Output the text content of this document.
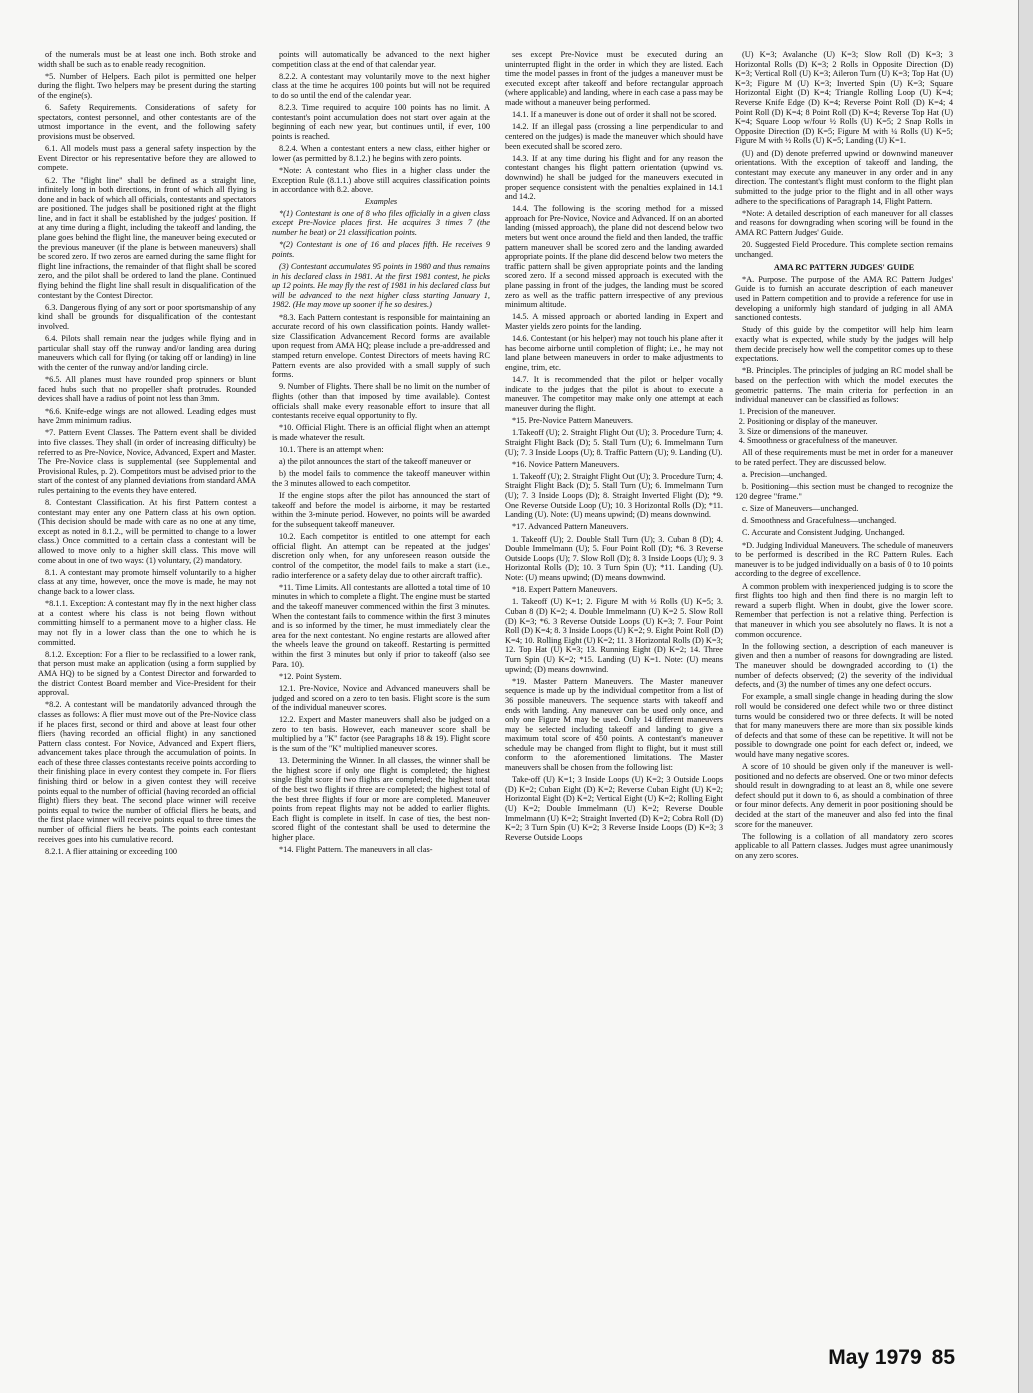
of the numerals must be at least one inch. Both stroke and width shall be such as to enable ready recognition.

*5. Number of Helpers. Each pilot is permitted one helper during the flight. Two helpers may be present during the starting of the engine(s).

6. Safety Requirements. Considerations of safety for spectators, contest personnel, and other contestants are of the utmost importance in the event, and the following safety provisions must be observed.

6.1. All models must pass a general safety inspection by the Event Director or his representative before they are allowed to compete.

6.2. The "flight line" shall be defined as a straight line, infinitely long in both directions, in front of which all flying is done and in back of which all officials, contestants and spectators are positioned. The judges shall be positioned right at the flight line, and in fact it shall be established by the judges' position. If at any time during a flight, including the takeoff and landing, the plane goes behind the flight line, the maneuver being executed or the previous maneuver (if the plane is between maneuvers) shall be scored zero. If two zeros are earned during the same flight for flight line infractions, the remainder of that flight shall be scored zero, and the pilot shall be ordered to land the plane. Continued flying behind the flight line shall result in disqualification of the contestant by the Contest Director.

6.3. Dangerous flying of any sort or poor sportsmanship of any kind shall be grounds for disqualification of the contestant involved.

6.4. Pilots shall remain near the judges while flying and in particular shall stay off the runway and/or landing area during maneuvers which call for flying (or taking off or landing) in line with the center of the runway and/or landing circle.

*6.5. All planes must have rounded prop spinners or blunt faced hubs such that no propeller shaft protrudes. Rounded devices shall have a radius of point not less than 3mm.

*6.6. Knife-edge wings are not allowed. Leading edges must have 2mm minimum radius.

*7. Pattern Event Classes. The Pattern event shall be divided into five classes. They shall (in order of increasing difficulty) be referred to as Pre-Novice, Novice, Advanced, Expert and Master. The Pre-Novice class is supplemental (see Supplemental and Provisional Rules, p. 2). Competitors must be advised prior to the start of the contest of any planned deviations from standard AMA rules pertaining to the events they have entered.

8. Contestant Classification. At his first Pattern contest a contestant may enter any one Pattern class at his own option. (This decision should be made with care as no one at any time, except as noted in 8.1.2., will be permitted to change to a lower class.) Once committed to a certain class a contestant will be allowed to move only to a higher skill class. This move will come about in one of two ways: (1) voluntary, (2) mandatory.

8.1. A contestant may promote himself voluntarily to a higher class at any time, however, once the move is made, he may not change back to a lower class.

*8.1.1. Exception: A contestant may fly in the next higher class at a contest where his class is not being flown without committing himself to a permanent move to a higher class. He may not fly in a lower class than the one to which he is committed.

8.1.2. Exception: For a flier to be reclassified to a lower rank, that person must make an application (using a form supplied by AMA HQ) to be signed by a Contest Director and forwarded to the district Contest Board member and Vice-President for their approval.

*8.2. A contestant will be mandatorily advanced through the classes as follows: A flier must move out of the Pre-Novice class if he places first, second or third and above at least four other fliers (having recorded an official flight) in any sanctioned Pattern class contest. For Novice, Advanced and Expert fliers, advancement takes place through the accumulation of points. In each of these three classes contestants receive points according to their finishing place in every contest they compete in. For fliers finishing third or below in a given contest they will receive points equal to the number of official (having recorded an official flight) fliers they beat. The second place winner will receive points equal to twice the number of official fliers he beats, and the first place winner will receive points equal to three times the number of official fliers he beats. The points each contestant receives goes into his cumulative record.

8.2.1. A flier attaining or exceeding 100

points will automatically be advanced to the next higher competition class at the end of that calendar year.

8.2.2. A contestant may voluntarily move to the next higher class at the time he acquires 100 points but will not be required to do so until the end of the calendar year.

8.2.3. Time required to acquire 100 points has no limit. A contestant's point accumulation does not start over again at the beginning of each new year, but continues until, if ever, 100 points is reached.

8.2.4. When a contestant enters a new class, either higher or lower (as permitted by 8.1.2.) he begins with zero points.

*Note: A contestant who flies in a higher class under the Exception Rule (8.1.1.) above still acquires classification points in accordance with 8.2. above.

Examples

*(1) Contestant is one of 8 who files officially in a given class except Pre-Novice places first. He acquires 3 times 7 (the number he beat) or 21 classification points.

*(2) Contestant is one of 16 and places fifth. He receives 9 points.

(3) Contestant accumulates 95 points in 1980 and thus remains in his declared class in 1981. At the first 1981 contest, he picks up 12 points. He may fly the rest of 1981 in his declared class but will be advanced to the next higher class starting January 1, 1982. (He may move up sooner if he so desires.)

*8.3. Each Pattern contestant is responsible for maintaining an accurate record of his own classification points. Handy wallet-size Classification Advancement Record forms are available upon request from AMA HQ; please include a pre-addressed and stamped return envelope. Contest Directors of meets having RC Pattern events are also provided with a small supply of such forms.

9. Number of Flights. There shall be no limit on the number of flights (other than that imposed by time available). Contest officials shall make every reasonable effort to insure that all contestants receive equal opportunity to fly.

*10. Official Flight. There is an official flight when an attempt is made whatever the result.

10.1. There is an attempt when:

a) the pilot announces the start of the takeoff maneuver or

b) the model fails to commence the takeoff maneuver within the 3 minutes allowed to each competitor.

If the engine stops after the pilot has announced the start of takeoff and before the model is airborne, it may be restarted within the 3-minute period. However, no points will be awarded for the subsequent takeoff maneuver.

10.2. Each competitor is entitled to one attempt for each official flight. An attempt can be repeated at the judges' discretion only when, for any unforeseen reason outside the control of the competitor, the model fails to make a start (i.e., radio interference or a safety delay due to other aircraft traffic).

*11. Time Limits. All contestants are allotted a total time of 10 minutes in which to complete a flight. The engine must be started and the takeoff maneuver commenced within the first 3 minutes. When the contestant fails to commence within the first 3 minutes and is so informed by the timer, he must immediately clear the area for the next contestant. No engine restarts are allowed after the wheels leave the ground on takeoff. Restarting is permitted within the first 3 minutes but only if prior to takeoff (also see Para. 10).

*12. Point System.

12.1. Pre-Novice, Novice and Advanced maneuvers shall be judged and scored on a zero to ten basis. Flight score is the sum of the individual maneuver scores.

12.2. Expert and Master maneuvers shall also be judged on a zero to ten basis. However, each maneuver score shall be multiplied by a "K" factor (see Paragraphs 18 & 19). Flight score is the sum of the "K" multiplied maneuver scores.

13. Determining the Winner. In all classes, the winner shall be the highest score if only one flight is completed; the highest single flight score if two flights are completed; the highest total of the best two flights if three are completed; the highest total of the best three flights if four or more are completed. Maneuver points from repeat flights may not be added to earlier flights. Each flight is complete in itself. In case of ties, the best non-scored flight of the contestant shall be used to determine the higher place.

*14. Flight Pattern. The maneuvers in all clas-

ses except Pre-Novice must be executed during an uninterrupted flight in the order in which they are listed. Each time the model passes in front of the judges a maneuver must be executed except after takeoff and before rectangular approach (where applicable) and landing, where in each case a pass may be made without a maneuver being performed.

14.1. If a maneuver is done out of order it shall not be scored.

14.2. If an illegal pass (crossing a line perpendicular to and centered on the judges) is made the maneuver which should have been executed shall be scored zero.

14.3. If at any time during his flight and for any reason the contestant changes his flight pattern orientation (upwind vs. downwind) he shall be judged for the maneuvers executed in proper sequence consistent with the penalties explained in 14.1 and 14.2.

14.4. The following is the scoring method for a missed approach for Pre-Novice, Novice and Advanced. If on an aborted landing (missed approach), the plane did not descend below two meters but went once around the field and then landed, the traffic pattern maneuver shall be scored zero and the landing awarded appropriate points. If the plane did descend below two meters the traffic pattern shall be given appropriate points and the landing scored zero. If a second missed approach is executed with the plane passing in front of the judges, the landing must be scored zero as well as the traffic pattern irrespective of any previous minimum altitude.

14.5. A missed approach or aborted landing in Expert and Master yields zero points for the landing.

14.6. Contestant (or his helper) may not touch his plane after it has become airborne until completion of flight; i.e., he may not land plane between maneuvers in order to make adjustments to engine, trim, etc.

14.7. It is recommended that the pilot or helper vocally indicate to the judges that the pilot is about to execute a maneuver. The competitor may make only one attempt at each maneuver during the flight.

*15. Pre-Novice Pattern Maneuvers.

1.Takeoff (U); 2. Straight Flight Out (U); 3. Procedure Turn; 4. Straight Flight Back (D); 5. Stall Turn (U); 6. Immelmann Turn (U); 7. 3 Inside Loops (U); 8. Traffic Pattern (U); 9. Landing (U).

*16. Novice Pattern Maneuvers.

1. Takeoff (U); 2. Straight Flight Out (U); 3. Procedure Turn; 4. Straight Flight Back (D); 5. Stall Turn (U); 6. Immelmann Turn (U); 7. 3 Inside Loops (D); 8. Straight Inverted Flight (D); *9. One Reverse Outside Loop (U); 10. 3 Horizontal Rolls (D); *11. Landing (U). Note: (U) means upwind; (D) means downwind.

*17. Advanced Pattern Maneuvers.

1. Takeoff (U); 2. Double Stall Turn (U); 3. Cuban 8 (D); 4. Double Immelmann (U); 5. Four Point Roll (D); *6. 3 Reverse Outside Loops (U); 7. Slow Roll (D); 8. 3 Inside Loops (U); 9. 3 Horizontal Rolls (D); 10. 3 Turn Spin (U); *11. Landing (U). Note: (U) means upwind; (D) means downwind.

*18. Expert Pattern Maneuvers.

1. Takeoff (U) K=1; 2. Figure M with ½ Rolls (U) K=5; 3. Cuban 8 (D) K=2; 4. Double Immelmann (U) K=2 5. Slow Roll (D) K=3; *6. 3 Reverse Outside Loops (U) K=3; 7. Four Point Roll (D) K=4; 8. 3 Inside Loops (U) K=2; 9. Eight Point Roll (D) K=4; 10. Rolling Eight (U) K=2; 11. 3 Horizontal Rolls (D) K=3; 12. Top Hat (U) K=3; 13. Running Eight (D) K=2; 14. Three Turn Spin (U) K=2; *15. Landing (U) K=1. Note: (U) means upwind; (D) means downwind.

*19. Master Pattern Maneuvers. The Master maneuver sequence is made up by the individual competitor from a list of 36 possible maneuvers. The sequence starts with takeoff and ends with landing. Any maneuver can be used only once, and only one Figure M may be used. Only 14 different maneuvers may be selected including takeoff and landing to give a maximum total score of 450 points. A contestant's maneuver schedule may be changed from flight to flight, but it must still conform to the aforementioned limitations. The Master maneuvers shall be chosen from the following list:

Take-off (U) K=1; 3 Inside Loops (U) K=2; 3 Outside Loops (D) K=2; Cuban Eight (D) K=2; Reverse Cuban Eight (U) K=2; Horizontal Eight (D) K=2; Vertical Eight (U) K=2; Rolling Eight (U) K=2; Double Immelmann (U) K=2; Reverse Double Immelmann (U) K=2; Straight Inverted (D) K=2; Cobra Roll (D) K=2; 3 Turn Spin (U) K=2; 3 Reverse Inside Loops (D) K=3; 3 Reverse Outside Loops

(U) K=3; Avalanche (U) K=3; Slow Roll (D) K=3; 3 Horizontal Rolls (D) K=3; 2 Rolls in Opposite Direction (D) K=3; Vertical Roll (U) K=3; Aileron Turn (U) K=3; Top Hat (U) K=3; Figure M (U) K=3; Inverted Spin (U) K=3; Square Horizontal Eight (D) K=4; Triangle Rolling Loop (U) K=4; Reverse Knife Edge (D) K=4; Reverse Point Roll (D) K=4; 4 Point Roll (D) K=4; 8 Point Roll (D) K=4; Reverse Top Hat (U) K=4; Square Loop w/four ½ Rolls (U) K=5; 2 Snap Rolls in Opposite Direction (D) K=5; Figure M with ¼ Rolls (U) K=5; Figure M with ½ Rolls (U) K=5; Landing (U) K=1.

(U) and (D) denote preferred upwind or downwind maneuver orientations. With the exception of takeoff and landing, the contestant may execute any maneuver in any order and in any direction. The contestant's flight must conform to the flight plan submitted to the judge prior to the flight and in all other ways adhere to the specifications of Paragraph 14, Flight Pattern.

*Note: A detailed description of each maneuver for all classes and reasons for downgrading when scoring will be found in the AMA RC Pattern Judges' Guide.

20. Suggested Field Procedure. This complete section remains unchanged.

AMA RC PATTERN JUDGES' GUIDE

*A. Purpose. The purpose of the AMA RC Pattern Judges' Guide is to furnish an accurate description of each maneuver used in Pattern competition and to provide a reference for use in developing a uniformly high standard of judging in all AMA sanctioned contests.

Study of this guide by the competitor will help him learn exactly what is expected, while study by the judges will help them decide precisely how well the competitor comes up to these expectations.

*B. Principles. The principles of judging an RC model shall be based on the perfection with which the model executes the geometric patterns. The main criteria for perfection in an individual maneuver can be classified as follows:

1. Precision of the maneuver.
2. Positioning or display of the maneuver.
3. Size or dimensions of the maneuver.
4. Smoothness or gracefulness of the maneuver.

All of these requirements must be met in order for a maneuver to be rated perfect. They are discussed below.

a. Precision—unchanged.

b. Positioning—this section must be changed to recognize the 120 degree "frame."

c. Size of Maneuvers—unchanged.

d. Smoothness and Gracefulness—unchanged.

C. Accurate and Consistent Judging. Unchanged.

*D. Judging Individual Maneuvers. The schedule of maneuvers to be performed is described in the RC Pattern Rules. Each maneuver is to be judged individually on a basis of 0 to 10 points according to the degree of excellence.

A common problem with inexperienced judging is to score the first flights too high and then find there is no margin left to reward a superb flight. When in doubt, give the lower score. Remember that perfection is not a relative thing. Perfection is that maneuver in which you see absolutely no flaws. It is not a common occurence.

In the following section, a description of each maneuver is given and then a number of reasons for downgrading are listed. The maneuver should be downgraded according to (1) the number of defects observed; (2) the severity of the individual defects, and (3) the number of times any one defect occurs.

For example, a small single change in heading during the slow roll would be considered one defect while two or three distinct turns would be considered two or three defects. It will be noted that for many maneuvers there are more than six possible kinds of defects and that some of these can be repetitive. It will not be possible to downgrade one point for each defect or, indeed, we would have many negative scores.

A score of 10 should be given only if the maneuver is well-positioned and no defects are observed. One or two minor defects should result in downgrading to at least an 8, while one severe defect should put it down to 6, as should a combination of three or four minor defects. Any demerit in poor positioning should be decided at the start of the maneuver and also fed into the final score for the maneuver.

The following is a collation of all mandatory zero scores applicable to all Pattern classes. Judges must agree unanimously on any zero scores.

May 1979 85
